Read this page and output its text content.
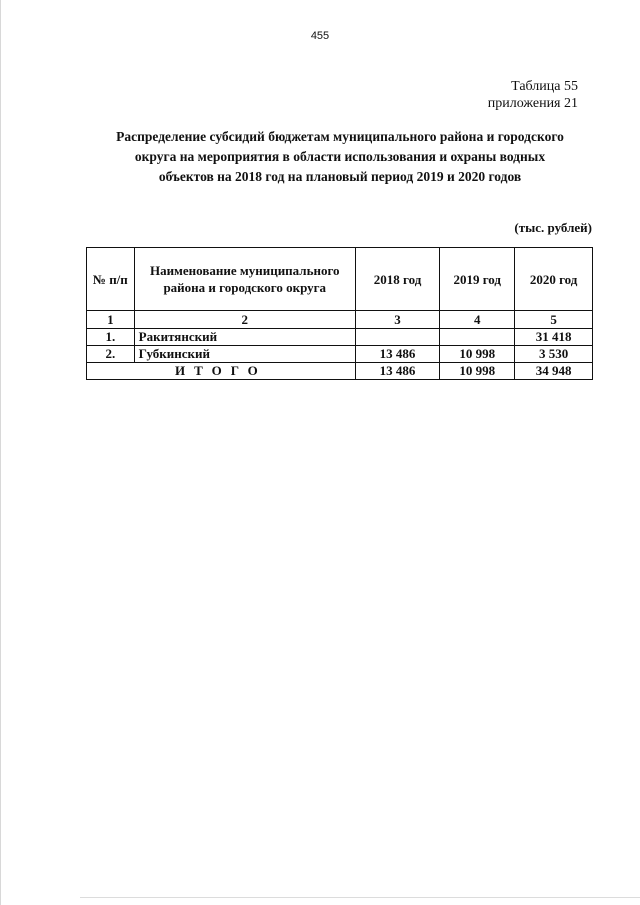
455
Таблица 55
приложения 21
Распределение субсидий бюджетам муниципального района и городского
округа на мероприятия в области использования и охраны водных
объектов на 2018 год на плановый период 2019 и 2020 годов
(тыс. рублей)
№ п/п	Наименование муниципального района и городского округа	2018 год	2019 год	2020 год
1	2	3	4	5
1.	Ракитянский			31 418
2.	Губкинский	13 486	10 998	3 530
ИТОГО		13 486	10 998	34 948
